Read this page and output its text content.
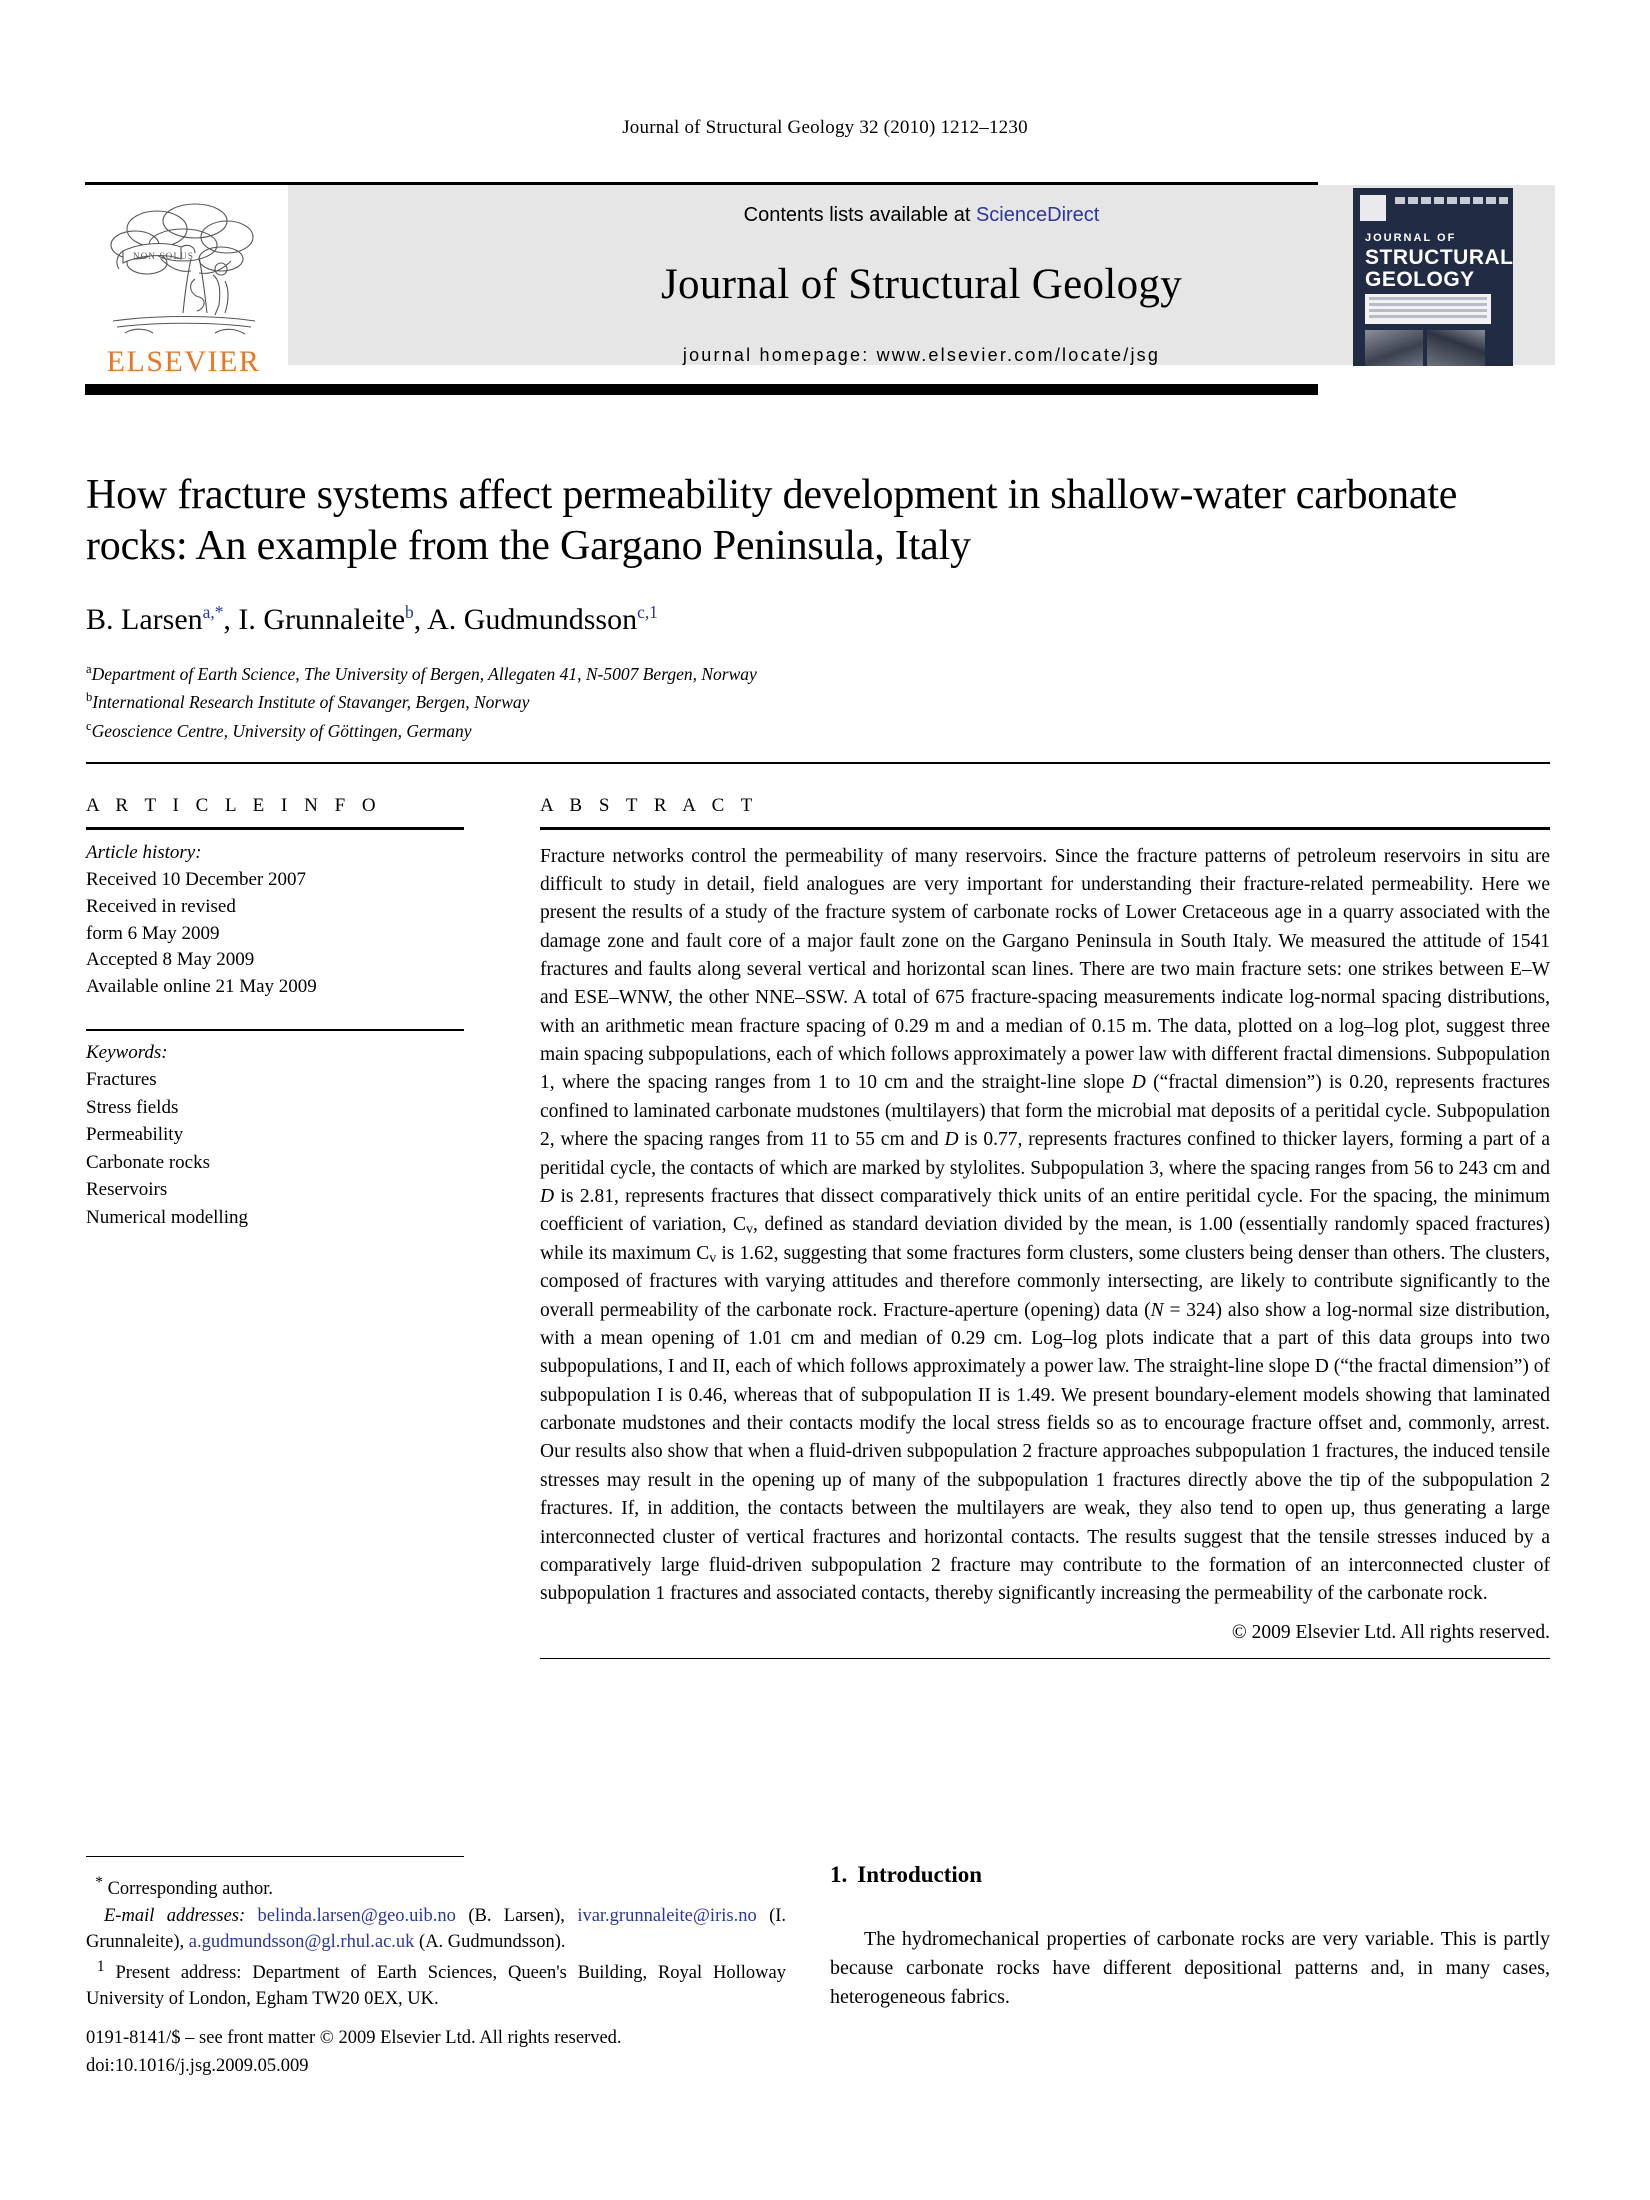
Journal of Structural Geology 32 (2010) 1212–1230
NON SOLUS
ELSEVIER
Contents lists available at ScienceDirect
Journal of Structural Geology
journal homepage: www.elsevier.com/locate/jsg
JOURNAL OF
STRUCTURAL
GEOLOGY
How fracture systems affect permeability development in shallow-water carbonate rocks: An example from the Gargano Peninsula, Italy
B. Larsen$^{a,*}$, I. Grunnaleite$^b$, A. Gudmundsson$^{c,1}$
$^a$Department of Earth Science, The University of Bergen, Allegaten 41, N-5007 Bergen, Norway
$^b$International Research Institute of Stavanger, Bergen, Norway
$^c$Geoscience Centre, University of Göttingen, Germany
A R T I C L E I N F O
Article history:
Received 10 December 2007
Received in revised
form 6 May 2009
Accepted 8 May 2009
Available online 21 May 2009
Keywords:
Fractures
Stress fields
Permeability
Carbonate rocks
Reservoirs
Numerical modelling
A B S T R A C T
Fracture networks control the permeability of many reservoirs. Since the fracture patterns of petroleum reservoirs in situ are difficult to study in detail, field analogues are very important for understanding their fracture-related permeability. Here we present the results of a study of the fracture system of carbonate rocks of Lower Cretaceous age in a quarry associated with the damage zone and fault core of a major fault zone on the Gargano Peninsula in South Italy. We measured the attitude of 1541 fractures and faults along several vertical and horizontal scan lines. There are two main fracture sets: one strikes between E–W and ESE–WNW, the other NNE–SSW. A total of 675 fracture-spacing measurements indicate log-normal spacing distributions, with an arithmetic mean fracture spacing of 0.29 m and a median of 0.15 m. The data, plotted on a log–log plot, suggest three main spacing subpopulations, each of which follows approximately a power law with different fractal dimensions. Subpopulation 1, where the spacing ranges from 1 to 10 cm and the straight-line slope D (“fractal dimension”) is 0.20, represents fractures confined to laminated carbonate mudstones (multilayers) that form the microbial mat deposits of a peritidal cycle. Subpopulation 2, where the spacing ranges from 11 to 55 cm and D is 0.77, represents fractures confined to thicker layers, forming a part of a peritidal cycle, the contacts of which are marked by stylolites. Subpopulation 3, where the spacing ranges from 56 to 243 cm and D is 2.81, represents fractures that dissect comparatively thick units of an entire peritidal cycle. For the spacing, the minimum coefficient of variation, $C_v$, defined as standard deviation divided by the mean, is 1.00 (essentially randomly spaced fractures) while its maximum $C_v$ is 1.62, suggesting that some fractures form clusters, some clusters being denser than others. The clusters, composed of fractures with varying attitudes and therefore commonly intersecting, are likely to contribute significantly to the overall permeability of the carbonate rock. Fracture-aperture (opening) data (N = 324) also show a log-normal size distribution, with a mean opening of 1.01 cm and median of 0.29 cm. Log–log plots indicate that a part of this data groups into two subpopulations, I and II, each of which follows approximately a power law. The straight-line slope D (“the fractal dimension”) of subpopulation I is 0.46, whereas that of subpopulation II is 1.49. We present boundary-element models showing that laminated carbonate mudstones and their contacts modify the local stress fields so as to encourage fracture offset and, commonly, arrest. Our results also show that when a fluid-driven subpopulation 2 fracture approaches subpopulation 1 fractures, the induced tensile stresses may result in the opening up of many of the subpopulation 1 fractures directly above the tip of the subpopulation 2 fractures. If, in addition, the contacts between the multilayers are weak, they also tend to open up, thus generating a large interconnected cluster of vertical fractures and horizontal contacts. The results suggest that the tensile stresses induced by a comparatively large fluid-driven subpopulation 2 fracture may contribute to the formation of an interconnected cluster of subpopulation 1 fractures and associated contacts, thereby significantly increasing the permeability of the carbonate rock.
© 2009 Elsevier Ltd. All rights reserved.
* Corresponding author.
E-mail addresses: belinda.larsen@geo.uib.no (B. Larsen), ivar.grunnaleite@iris.no (I. Grunnaleite), a.gudmundsson@gl.rhul.ac.uk (A. Gudmundsson).
$^1$ Present address: Department of Earth Sciences, Queen's Building, Royal Holloway University of London, Egham TW20 0EX, UK.
0191-8141/$ – see front matter © 2009 Elsevier Ltd. All rights reserved.
doi:10.1016/j.jsg.2009.05.009
1. Introduction
The hydromechanical properties of carbonate rocks are very variable. This is partly because carbonate rocks have different depositional patterns and, in many cases, heterogeneous fabrics.
